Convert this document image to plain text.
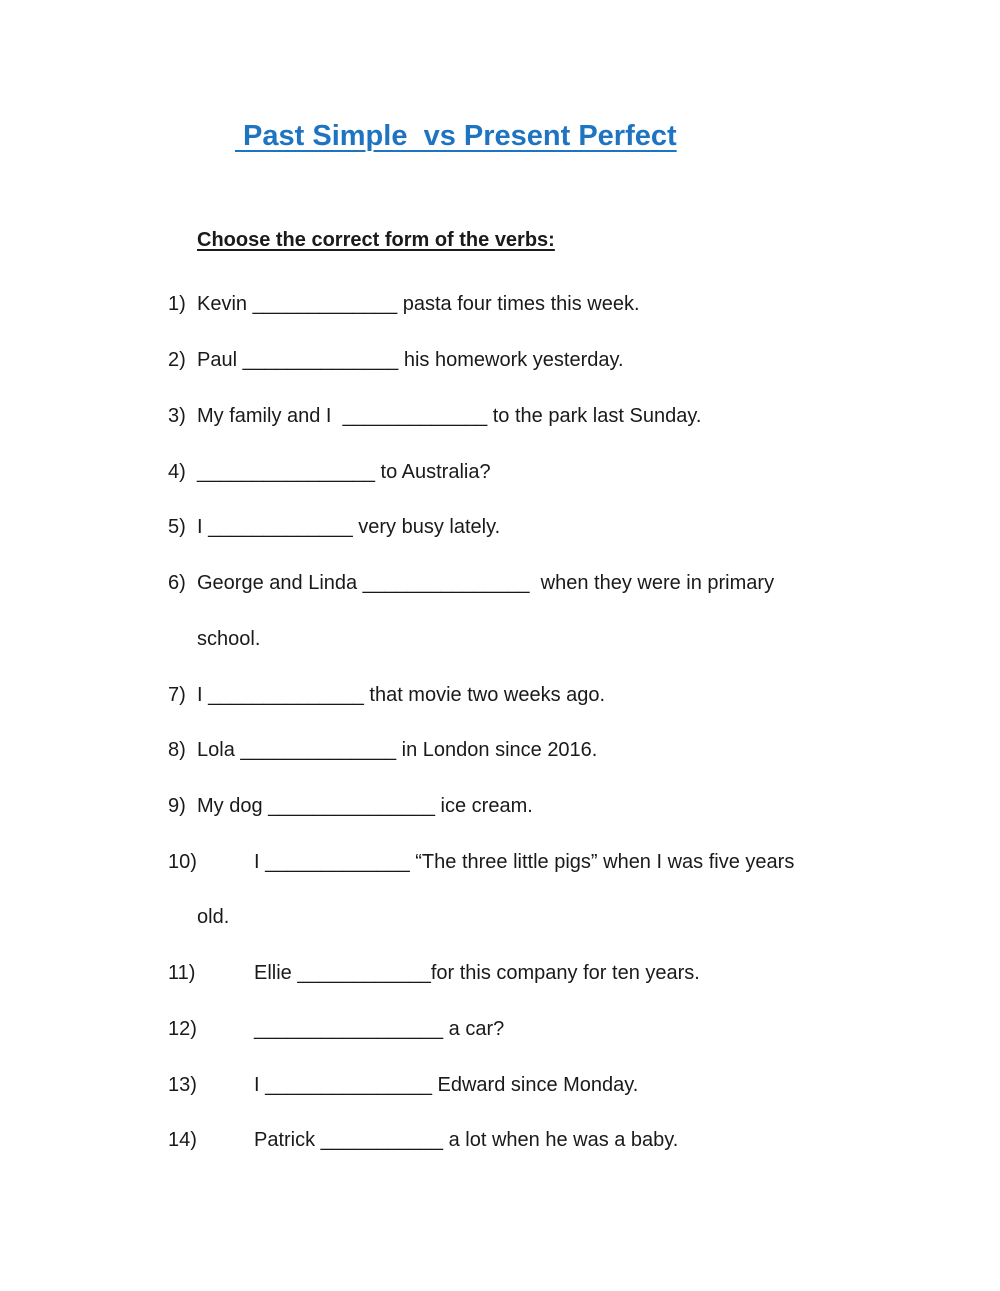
Past Simple  vs Present Perfect

Choose the correct form of the verbs:

1) Kevin _____________ pasta four times this week.
2) Paul ______________ his homework yesterday.
3) My family and I  _____________ to the park last Sunday.
4) ________________ to Australia?
5) I _____________ very busy lately.
6) George and Linda _______________  when they were in primary
school.
7) I ______________ that movie two weeks ago.
8) Lola ______________ in London since 2016.
9) My dog _______________ ice cream.
10)	I _____________ “The three little pigs” when I was five years
old.
11)	Ellie ____________for this company for ten years.
12)	_________________ a car?
13)	I _______________ Edward since Monday.
14)	Patrick ___________ a lot when he was a baby.
